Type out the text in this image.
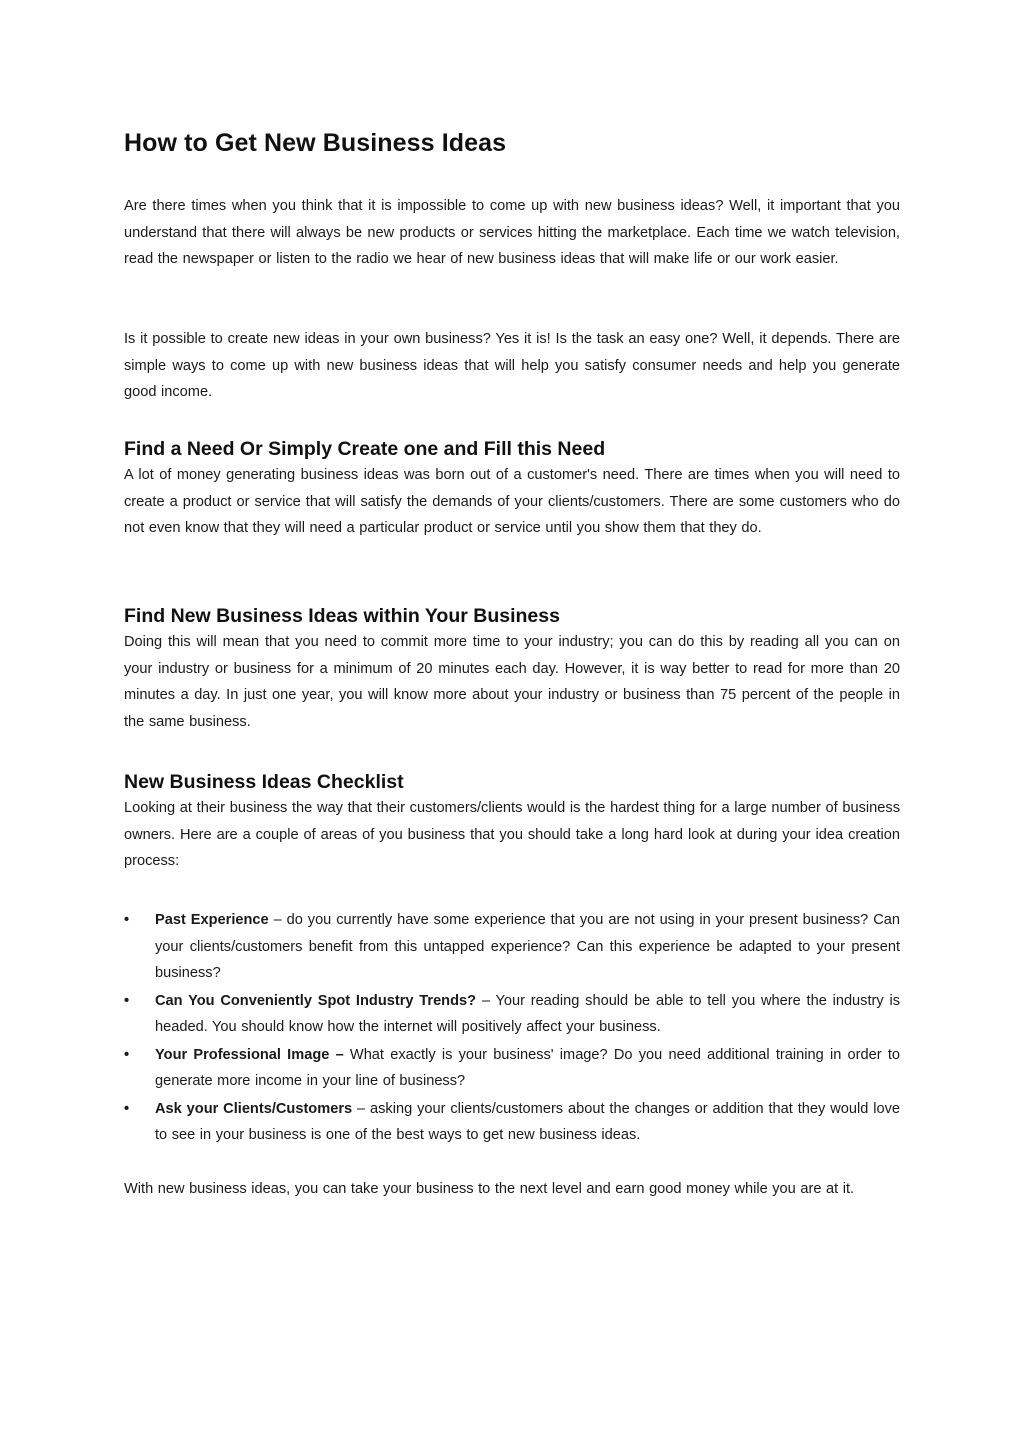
How to Get New Business Ideas

Are there times when you think that it is impossible to come up with new business ideas? Well, it important that you understand that there will always be new products or services hitting the marketplace. Each time we watch television, read the newspaper or listen to the radio we hear of new business ideas that will make life or our work easier.

Is it possible to create new ideas in your own business? Yes it is! Is the task an easy one? Well, it depends. There are simple ways to come up with new business ideas that will help you satisfy consumer needs and help you generate good income.

Find a Need Or Simply Create one and Fill this Need

A lot of money generating business ideas was born out of a customer's need. There are times when you will need to create a product or service that will satisfy the demands of your clients/customers. There are some customers who do not even know that they will need a particular product or service until you show them that they do.

Find New Business Ideas within Your Business

Doing this will mean that you need to commit more time to your industry; you can do this by reading all you can on your industry or business for a minimum of 20 minutes each day. However, it is way better to read for more than 20 minutes a day. In just one year, you will know more about your industry or business than 75 percent of the people in the same business.

New Business Ideas Checklist

Looking at their business the way that their customers/clients would is the hardest thing for a large number of business owners. Here are a couple of areas of you business that you should take a long hard look at during your idea creation process:

• Past Experience – do you currently have some experience that you are not using in your present business? Can your clients/customers benefit from this untapped experience? Can this experience be adapted to your present business?
• Can You Conveniently Spot Industry Trends? – Your reading should be able to tell you where the industry is headed. You should know how the internet will positively affect your business.
• Your Professional Image – What exactly is your business' image? Do you need additional training in order to generate more income in your line of business?
• Ask your Clients/Customers – asking your clients/customers about the changes or addition that they would love to see in your business is one of the best ways to get new business ideas.

With new business ideas, you can take your business to the next level and earn good money while you are at it.
